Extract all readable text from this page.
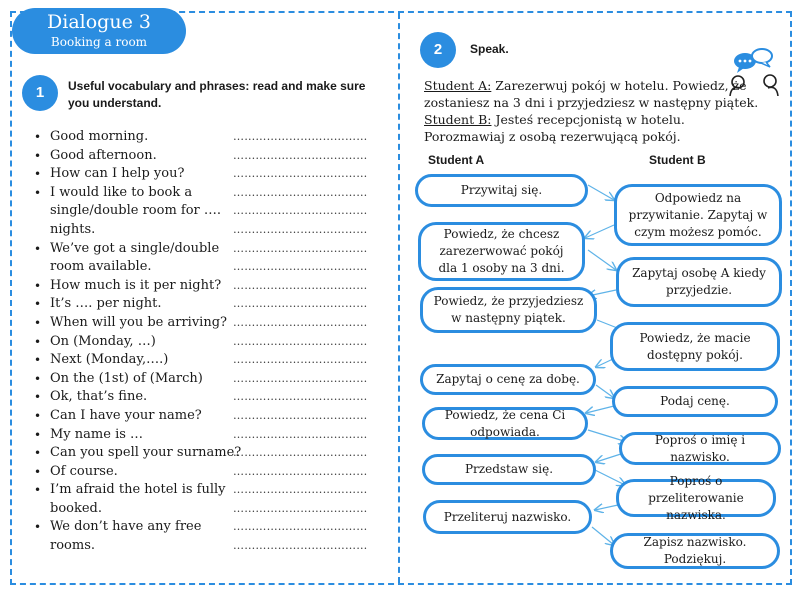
Dialogue 3
Booking a room
1	Useful vocabulary and phrases: read and make sure you understand.
• Good morning.	………………………………
• Good afternoon.	………………………………
• How can I help you?	………………………………
• I would like to book a	………………………………
single/double room for …. ………………………………
nights.	………………………………
• We’ve got a single/double ………………………………
room available.	………………………………
• How much is it per night? ………………………………
• It’s …. per night.	………………………………
• When will you be arriving? ………………………………
• On (Monday, …)	………………………………
• Next (Monday,….)	………………………………
• On the (1st) of (March)	………………………………
• Ok, that’s fine.	………………………………
• Can I have your name?	………………………………
• My name is …	………………………………
• Can you spell your surname?………………………………
• Of course.	………………………………
• I’m afraid the hotel is fully ………………………………
booked.	………………………………
• We don’t have any free	………………………………
rooms.	………………………………
2	Speak.
Student A: Zarezerwuj pokój w hotelu. Powiedz, że
zostaniesz na 3 dni i przyjedziesz w następny piątek.
Student B: Jesteś recepcjonistą w hotelu.
Porozmawiaj z osobą rezerwującą pokój.
Student A	Student B
Przywitaj się.
Odpowiedz na przywitanie. Zapytaj w czym możesz pomóc.
Powiedz, że chcesz zarezerwować pokój dla 1 osoby na 3 dni.	Zapytaj osobę A kiedy przyjedzie.
Powiedz, że przyjedziesz w następny piątek.
Powiedz, że macie dostępny pokój.
Zapytaj o cenę za dobę.
Podaj cenę.
Powiedz, że cena Ci odpowiada.
Poproś o imię i nazwisko.
Przedstaw się.
Poproś o przeliterowanie nazwiska.
Przeliteruj nazwisko.
Zapisz nazwisko. Podziękuj.
